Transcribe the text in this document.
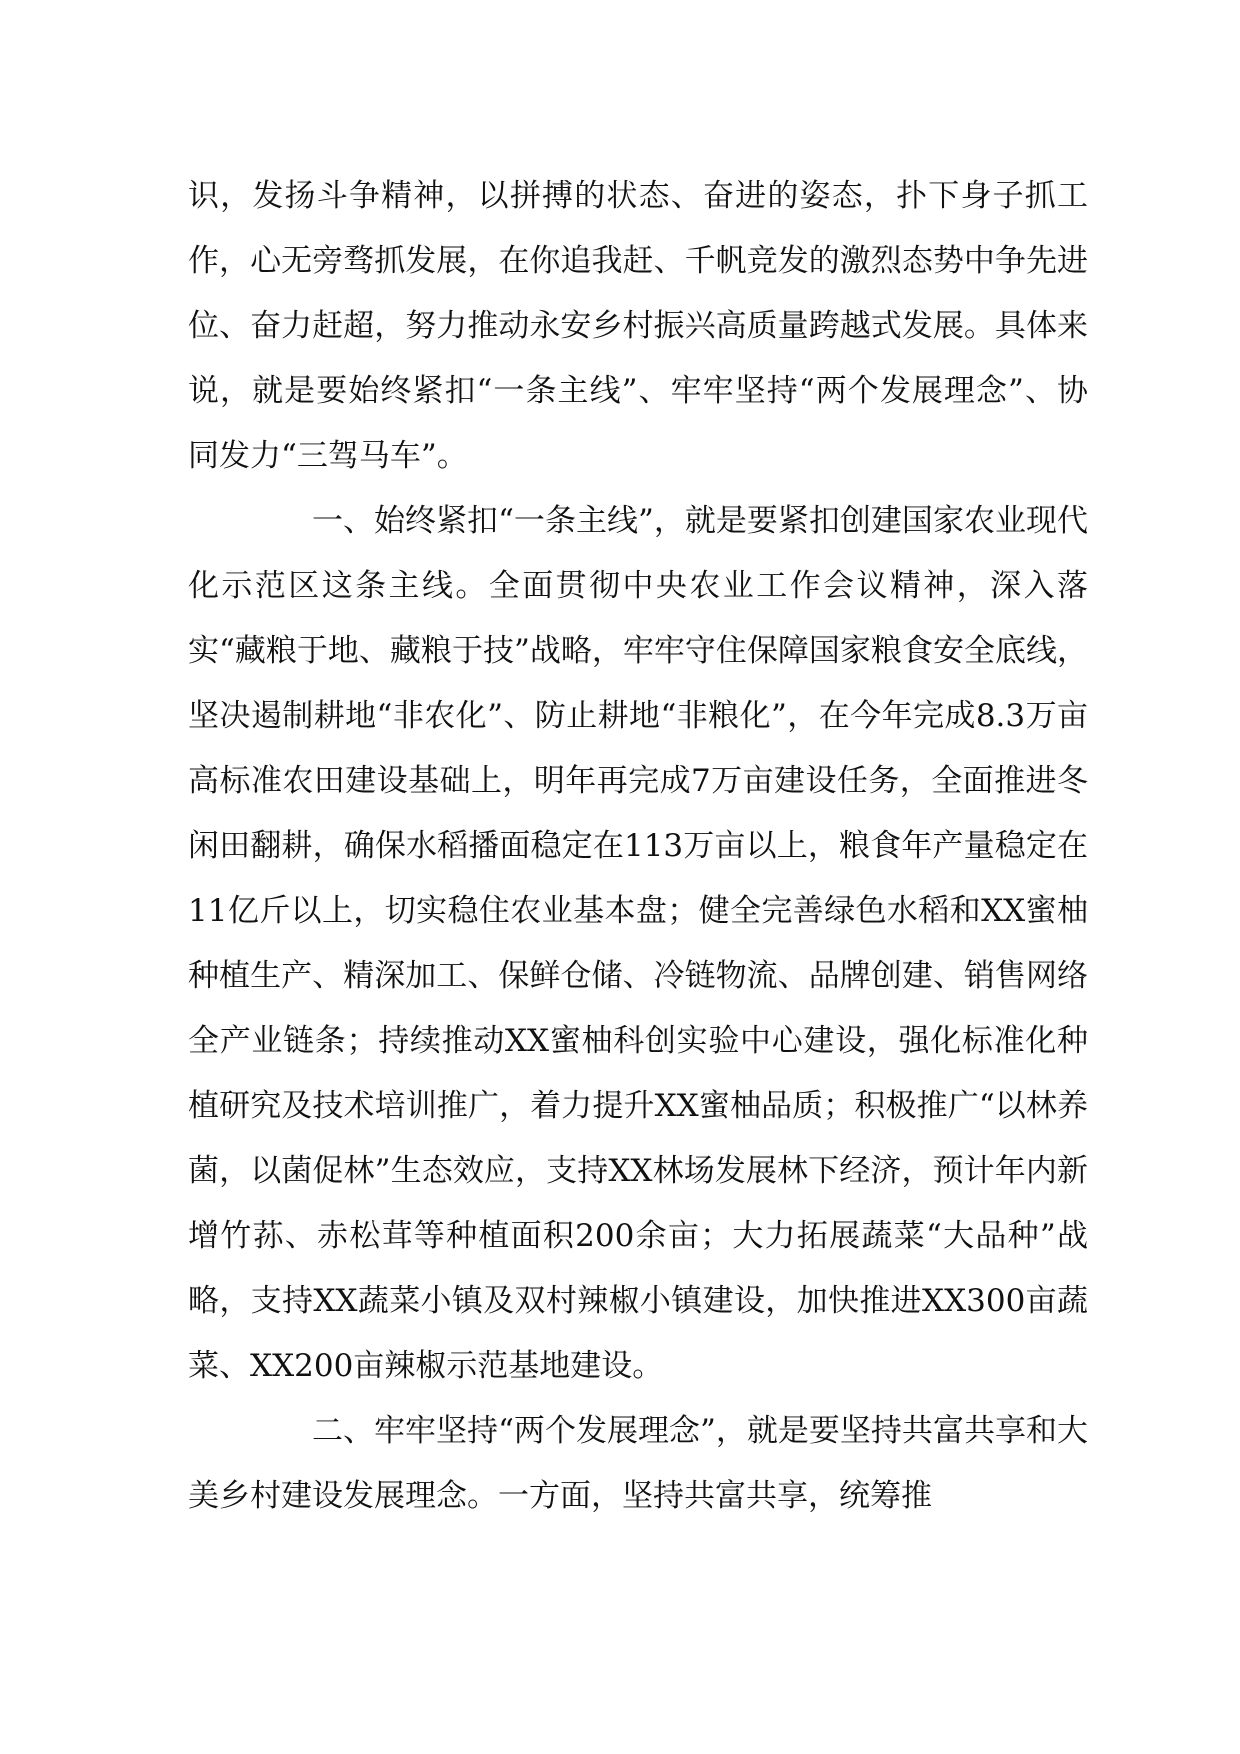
识，发扬斗争精神，以拼搏的状态、奋进的姿态，扑下身子抓工作，心无旁骛抓发展，在你追我赶、千帆竞发的激烈态势中争先进位、奋力赶超，努力推动永安乡村振兴高质量跨越式发展。具体来说，就是要始终紧扣“一条主线”、牢牢坚持“两个发展理念”、协同发力“三驾马车”。

一、始终紧扣“一条主线”，就是要紧扣创建国家农业现代化示范区这条主线。全面贯彻中央农业工作会议精神，深入落实“藏粮于地、藏粮于技”战略，牢牢守住保障国家粮食安全底线，坚决遏制耕地“非农化”、防止耕地“非粮化”，在今年完成8.3万亩高标准农田建设基础上，明年再完成7万亩建设任务，全面推进冬闲田翻耕，确保水稻播面稳定在113万亩以上，粮食年产量稳定在11亿斤以上，切实稳住农业基本盘；健全完善绿色水稻和XX蜜柚种植生产、精深加工、保鲜仓储、冷链物流、品牌创建、销售网络全产业链条；持续推动XX蜜柚科创实验中心建设，强化标准化种植研究及技术培训推广，着力提升XX蜜柚品质；积极推广“以林养菌，以菌促林”生态效应，支持XX林场发展林下经济，预计年内新增竹荪、赤松茸等种植面积200余亩；大力拓展蔬菜“大品种”战略，支持XX蔬菜小镇及双村辣椒小镇建设，加快推进XX300亩蔬菜、XX200亩辣椒示范基地建设。

二、牢牢坚持“两个发展理念”，就是要坚持共富共享和大美乡村建设发展理念。一方面，坚持共富共享，统筹推
